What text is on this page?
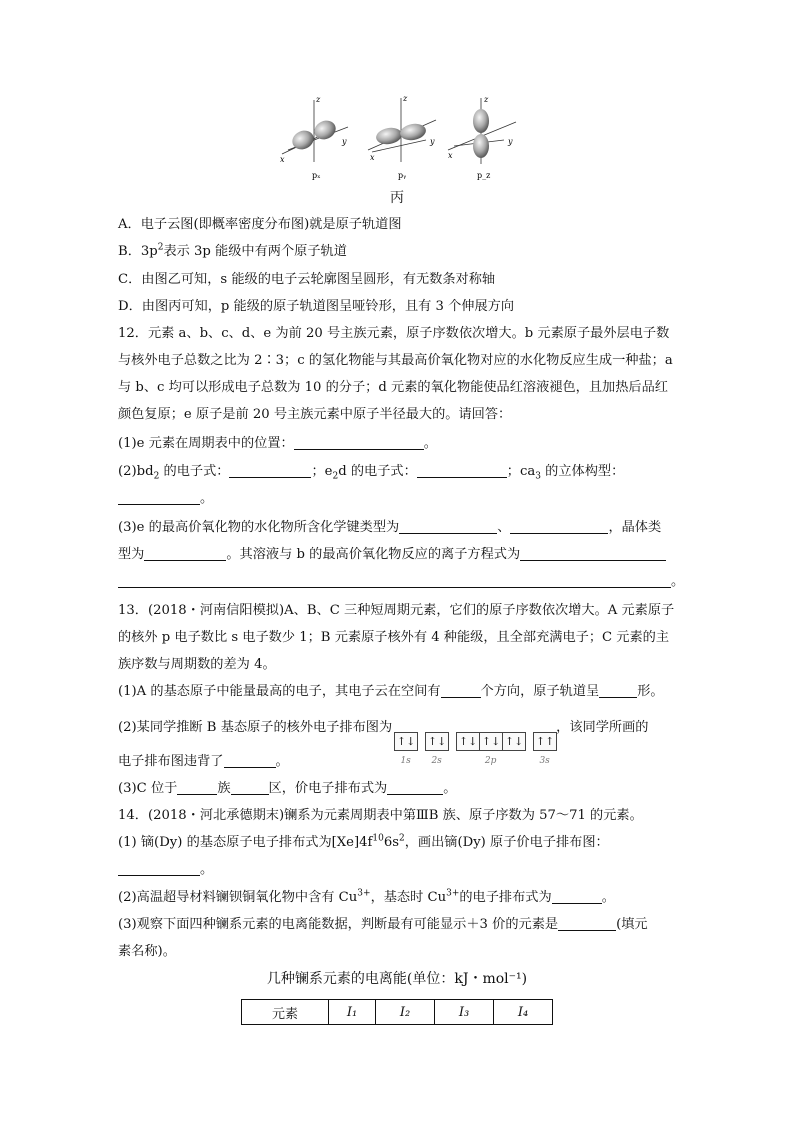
z
x
y
pₓ
z
x
y
pᵧ
z
x
y
p_z
丙
A．电子云图(即概率密度分布图)就是原子轨道图
B．$3p^2$表示 3p 能级中有两个原子轨道
C．由图乙可知，s 能级的电子云轮廓图呈圆形，有无数条对称轴
D．由图丙可知，p 能级的原子轨道图呈哑铃形，且有 3 个伸展方向
12．元素 a、b、c、d、e 为前 20 号主族元素，原子序数依次增大。b 元素原子最外层电子数
与核外电子总数之比为 2∶3；c 的氢化物能与其最高价氧化物对应的水化物反应生成一种盐；a
与 b、c 均可以形成电子总数为 10 的分子；d 元素的氧化物能使品红溶液褪色，且加热后品红
颜色复原；e 原子是前 20 号主族元素中原子半径最大的。请回答：
(1)e 元素在周期表中的位置：	。
$(2)bd_2$ 的电子式：	；$e_2d$ 的电子式：	；$ca_3$ 的立体构型：
。
(3)e 的最高价氧化物的水化物所含化学键类型为	、	，晶体类
型为	。其溶液与 b 的最高价氧化物反应的离子方程式为
。
13．(2018・河南信阳模拟)A、B、C 三种短周期元素，它们的原子序数依次增大。A 元素原子
的核外 p 电子数比 s 电子数少 1；B 元素原子核外有 4 种能级，且全部充满电子；C 元素的主
族序数与周期数的差为 4。
(1)A 的基态原子中能量最高的电子，其电子云在空间有	个方向，原子轨道呈	形。
(2)某同学推断 B 基态原子的核外电子排布图为
↑↓
1s
↑↓
2s
↑↓ ↑↓ ↑↓
2p
↑↑
3s
，该同学所画的
电子排布图违背了	。
(3)C 位于	族	区，价电子排布式为	。
14．(2018・河北承德期末)镧系为元素周期表中第ⅢB 族、原子序数为 57～71 的元素。
(1) 镝(Dy) 的基态原子电子排布式为$[Xe]4f^{10}6s^2$，画出镝(Dy) 原子价电子排布图：
。
(2)高温超导材料镧钡铜氧化物中含有 $Cu^{3+}$，基态时 $Cu^{3+}$的电子排布式为	。
(3)观察下面四种镧系元素的电离能数据，判断最有可能显示＋3 价的元素是	(填元
素名称)。
几种镧系元素的电离能(单位：kJ・mol⁻¹)
元素	I₁	I₂	I₃	I₄
